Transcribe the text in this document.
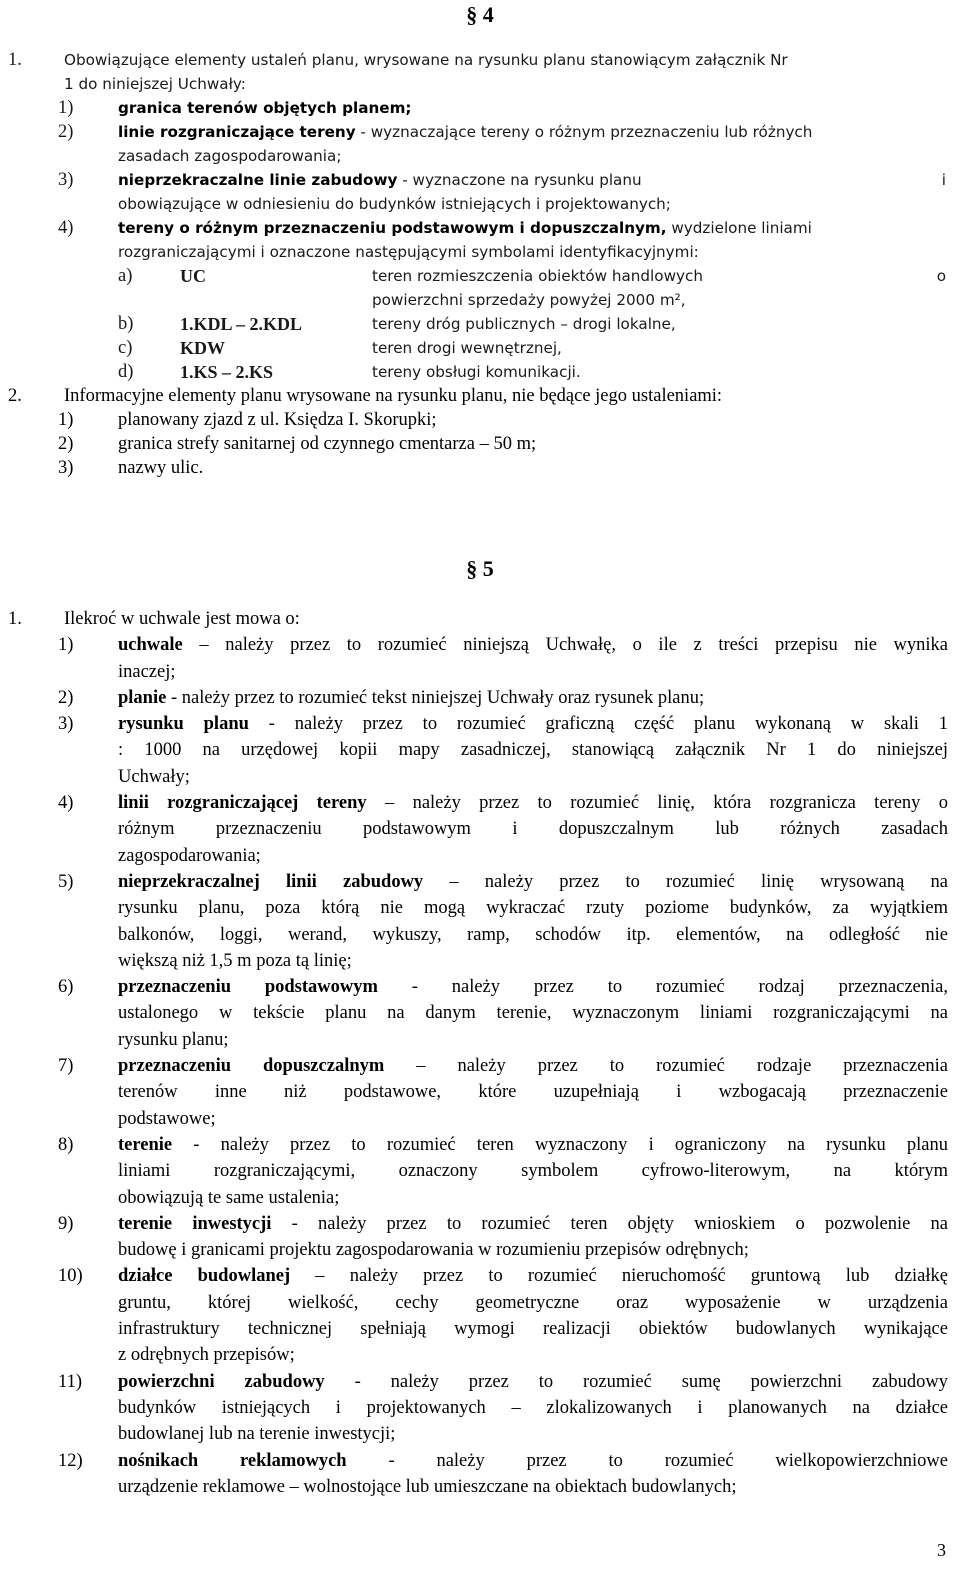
§ 4
1.	Obowiązujące elementy ustaleń planu, wrysowane na rysunku planu stanowiącym załącznik Nr
1 do niniejszej Uchwały:
1)	granica terenów objętych planem;
2)	linie rozgraniczające tereny - wyznaczające tereny o różnym przeznaczeniu lub różnych
zasadach zagospodarowania;
3)	nieprzekraczalne linie zabudowy - wyznaczone na rysunku planu	i
obowiązujące w odniesieniu do budynków istniejących i projektowanych;
4)	tereny o różnym przeznaczeniu podstawowym i dopuszczalnym, wydzielone liniami
rozgraniczającymi i oznaczone następującymi symbolami identyfikacyjnymi:
a)	UC	teren rozmieszczenia obiektów handlowych	o
powierzchni sprzedaży powyżej 2000 m²,
b)	1.KDL – 2.KDL	tereny dróg publicznych – drogi lokalne,
c)	KDW	teren drogi wewnętrznej,
d)	1.KS – 2.KS	tereny obsługi komunikacji.
2. Informacyjne elementy planu wrysowane na rysunku planu, nie będące jego ustaleniami:
1) planowany zjazd z ul. Księdza I. Skorupki;
2) granica strefy sanitarnej od czynnego cmentarza – 50 m;
3) nazwy ulic.
§ 5
1. Ilekroć w uchwale jest mowa o:
1) uchwale – należy przez to rozumieć niniejszą Uchwałę, o ile z treści przepisu nie wynika
inaczej;
2) planie - należy przez to rozumieć tekst niniejszej Uchwały oraz rysunek planu;
3) rysunku planu - należy przez to rozumieć graficzną część planu wykonaną w skali 1
: 1000 na urzędowej kopii mapy zasadniczej, stanowiącą załącznik Nr 1 do niniejszej
Uchwały;
4) linii rozgraniczającej tereny – należy przez to rozumieć linię, która rozgranicza tereny o
różnym przeznaczeniu podstawowym i dopuszczalnym lub różnych zasadach
zagospodarowania;
5) nieprzekraczalnej linii zabudowy – należy przez to rozumieć linię wrysowaną na
rysunku planu, poza którą nie mogą wykraczać rzuty poziome budynków, za wyjątkiem
balkonów, loggi, werand, wykuszy, ramp, schodów itp. elementów, na odległość nie
większą niż 1,5 m poza tą linię;
6) przeznaczeniu podstawowym - należy przez to rozumieć rodzaj przeznaczenia,
ustalonego w tekście planu na danym terenie, wyznaczonym liniami rozgraniczającymi na
rysunku planu;
7) przeznaczeniu dopuszczalnym – należy przez to rozumieć rodzaje przeznaczenia
terenów inne niż podstawowe, które uzupełniają i wzbogacają przeznaczenie
podstawowe;
8) terenie - należy przez to rozumieć teren wyznaczony i ograniczony na rysunku planu
liniami rozgraniczającymi, oznaczony symbolem cyfrowo-literowym, na którym
obowiązują te same ustalenia;
9) terenie inwestycji - należy przez to rozumieć teren objęty wnioskiem o pozwolenie na
budowę i granicami projektu zagospodarowania w rozumieniu przepisów odrębnych;
10) działce budowlanej – należy przez to rozumieć nieruchomość gruntową lub działkę
gruntu, której wielkość, cechy geometryczne oraz wyposażenie w urządzenia
infrastruktury technicznej spełniają wymogi realizacji obiektów budowlanych wynikające
z odrębnych przepisów;
11) powierzchni zabudowy - należy przez to rozumieć sumę powierzchni zabudowy
budynków istniejących i projektowanych – zlokalizowanych i planowanych na działce
budowlanej lub na terenie inwestycji;
12) nośnikach reklamowych - należy przez to rozumieć wielkopowierzchniowe
urządzenie reklamowe – wolnostojące lub umieszczane na obiektach budowlanych;
3
